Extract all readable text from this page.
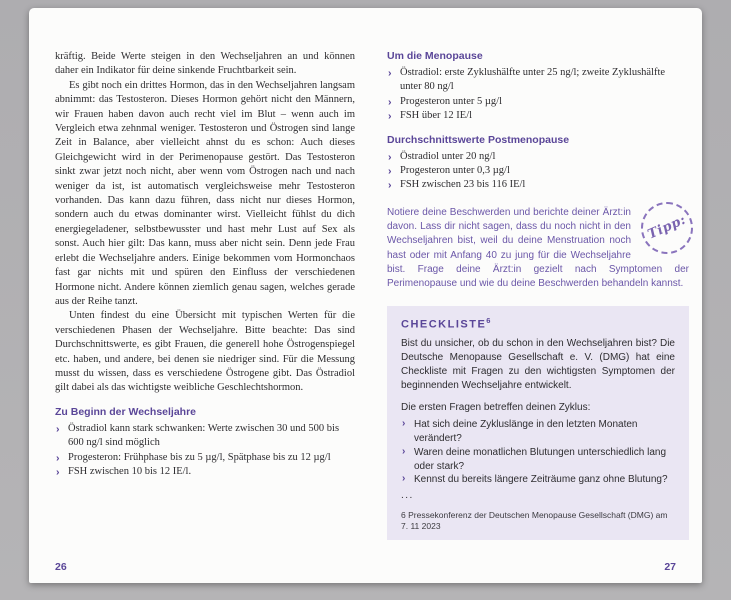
kräftig. Beide Werte steigen in den Wechseljahren an und können daher ein Indikator für deine sinkende Fruchtbarkeit sein.

Es gibt noch ein drittes Hormon, das in den Wechseljahren langsam abnimmt: das Testosteron. Dieses Hormon gehört nicht den Männern, wir Frauen haben davon auch recht viel im Blut – wenn auch im Vergleich etwa zehnmal weniger. Testosteron und Östrogen sind lange Zeit in Balance, aber vielleicht ahnst du es schon: Auch dieses Gleichgewicht wird in der Perimenopause gestört. Das Testosteron sinkt zwar jetzt noch nicht, aber wenn vom Östrogen nach und nach weniger da ist, ist automatisch vergleichsweise mehr Testosteron vorhanden. Das kann dazu führen, dass nicht nur dieses Hormon, sondern auch du etwas dominanter wirst. Vielleicht fühlst du dich energiegeladener, selbstbewusster und hast mehr Lust auf Sex als sonst. Auch hier gilt: Das kann, muss aber nicht sein. Denn jede Frau erlebt die Wechseljahre anders. Einige bekommen vom Hormonchaos fast gar nichts mit und spüren den Einfluss der verschiedenen Hormone nicht. Andere können ziemlich genau sagen, welches gerade aus der Reihe tanzt.

Unten findest du eine Übersicht mit typischen Werten für die verschiedenen Phasen der Wechseljahre. Bitte beachte: Das sind Durchschnittswerte, es gibt Frauen, die generell hohe Östrogenspiegel etc. haben, und andere, bei denen sie niedriger sind. Für die Messung musst du wissen, dass es verschiedene Östrogene gibt. Das Östradiol gilt dabei als das wichtigste weibliche Geschlechtshormon.

Zu Beginn der Wechseljahre
› Östradiol kann stark schwanken: Werte zwischen 30 und 500 bis 600 ng/l sind möglich
› Progesteron: Frühphase bis zu 5 µg/l, Spätphase bis zu 12 µg/l
› FSH zwischen 10 bis 12 IE/l.
Um die Menopause
› Östradiol: erste Zyklushälfte unter 25 ng/l; zweite Zyklushälfte unter 80 ng/l
› Progesteron unter 5 µg/l
› FSH über 12 IE/l
Durchschnittswerte Postmenopause
› Östradiol unter 20 ng/l
› Progesteron unter 0,3 µg/l
› FSH zwischen 23 bis 116 IE/l
Tipp:

Notiere deine Beschwerden und berichte deiner Ärzt:in davon. Lass dir nicht sagen, dass du noch nicht in den Wechseljahren bist, weil du deine Menstruation noch hast oder mit Anfang 40 zu jung für die Wechseljahre bist. Frage deine Ärzt:in gezielt nach Symptomen der Perimenopause und wie du deine Beschwerden behandeln kannst.

CHECKLISTE$^6$

Bist du unsicher, ob du schon in den Wechseljahren bist? Die Deutsche Menopause Gesellschaft e. V. (DMG) hat eine Checkliste mit Fragen zu den wichtigsten Symptomen der beginnenden Wechseljahre entwickelt.

Die ersten Fragen betreffen deinen Zyklus:

› Hat sich deine Zykluslänge in den letzten Monaten verändert?
› Waren deine monatlichen Blutungen unterschiedlich lang oder stark?
› Kennst du bereits längere Zeiträume ganz ohne Blutung?
...
6 Pressekonferenz der Deutschen Menopause Gesellschaft (DMG) am 7. 11 2023
26	27
